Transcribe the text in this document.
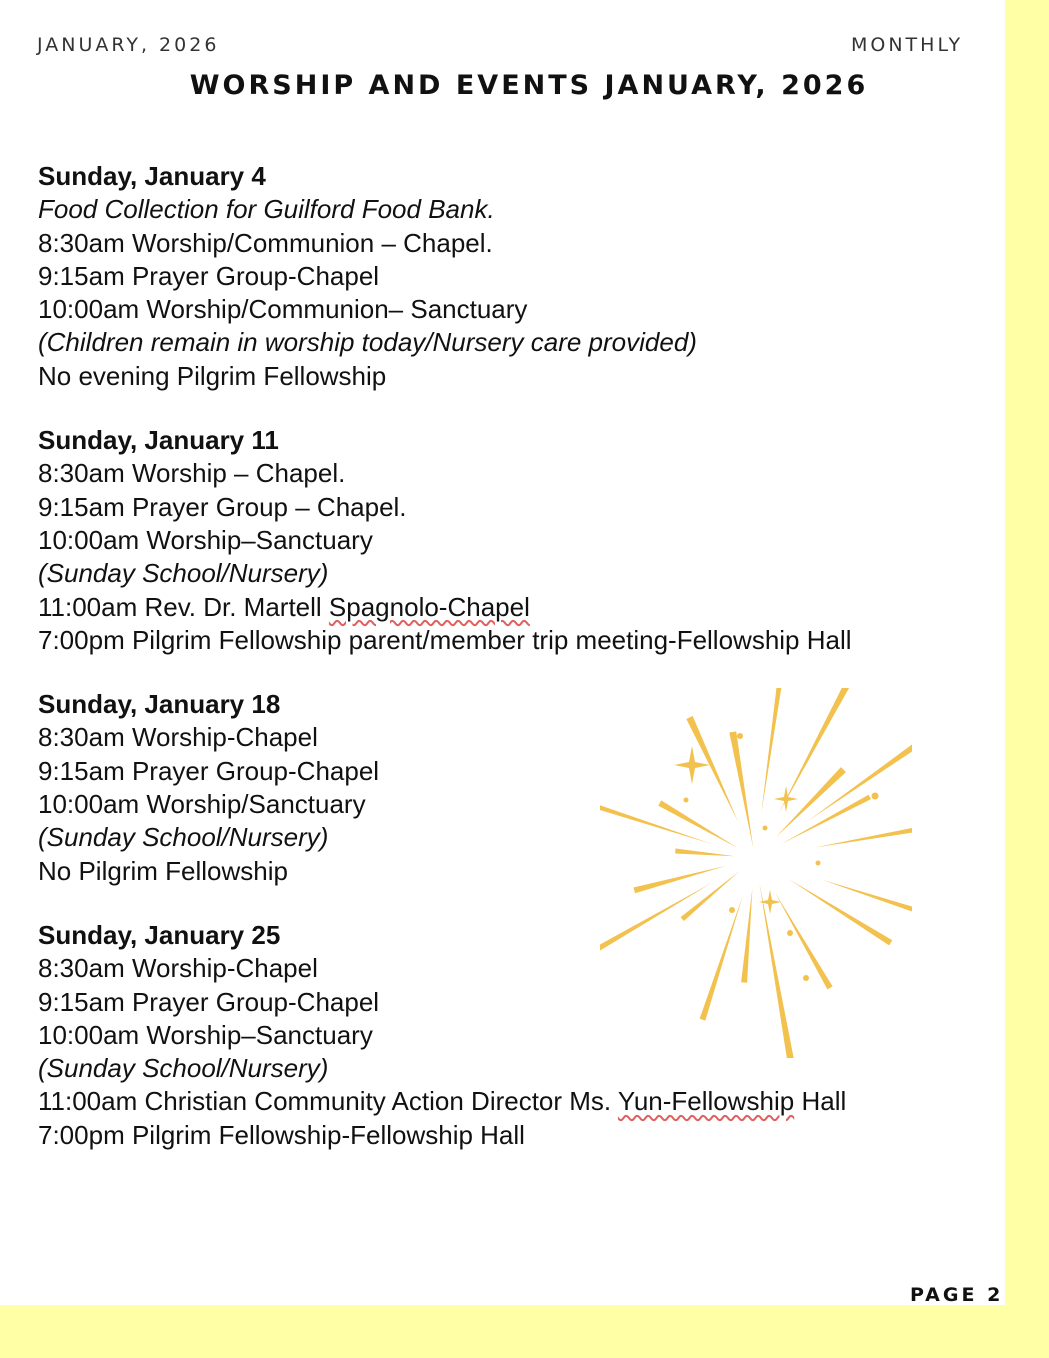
JANUARY, 2026	MONTHLY
WORSHIP AND EVENTS JANUARY, 2026
Sunday, January 4
Food Collection for Guilford Food Bank.
8:30am Worship/Communion – Chapel.
9:15am Prayer Group-Chapel
10:00am Worship/Communion– Sanctuary
(Children remain in worship today/Nursery care provided)
No evening Pilgrim Fellowship
Sunday, January 11
8:30am Worship – Chapel.
9:15am Prayer Group – Chapel.
10:00am Worship–Sanctuary
(Sunday School/Nursery)
11:00am Rev. Dr. Martell Spagnolo-Chapel
7:00pm Pilgrim Fellowship parent/member trip meeting-Fellowship Hall
Sunday, January 18
8:30am Worship-Chapel
9:15am Prayer Group-Chapel
10:00am Worship/Sanctuary
(Sunday School/Nursery)
No Pilgrim Fellowship
Sunday, January 25
8:30am Worship-Chapel
9:15am Prayer Group-Chapel
10:00am Worship–Sanctuary
(Sunday School/Nursery)
11:00am Christian Community Action Director Ms. Yun-Fellowship Hall
7:00pm Pilgrim Fellowship-Fellowship Hall
PAGE 2
